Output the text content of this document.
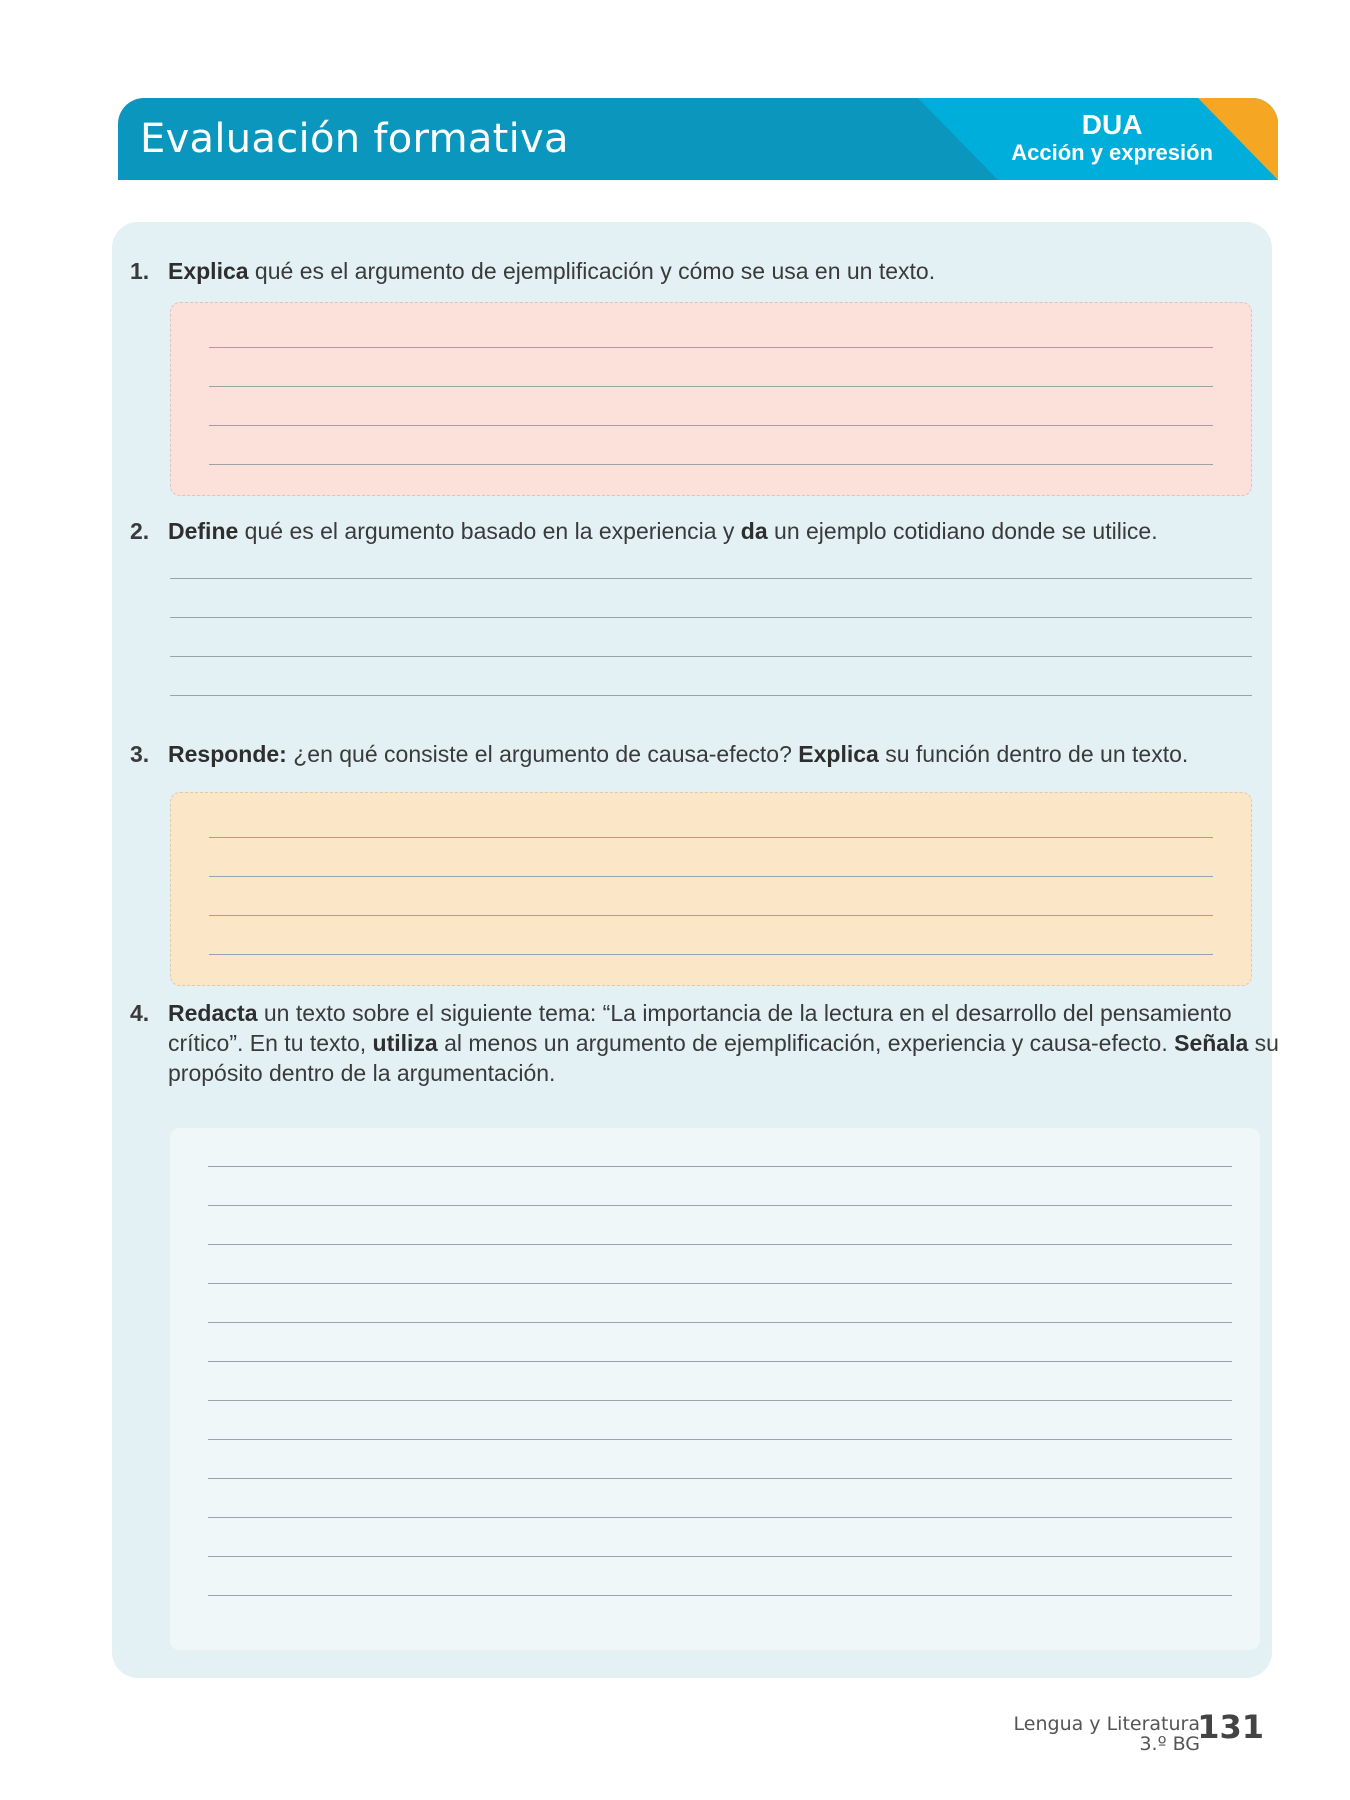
Evaluación formativa	DUA
Acción y expresión
1. Explica qué es el argumento de ejemplificación y cómo se usa en un texto.
2. Define qué es el argumento basado en la experiencia y da un ejemplo cotidiano donde se utilice.
3. Responde: ¿en qué consiste el argumento de causa-efecto? Explica su función dentro de un texto.
4. Redacta un texto sobre el siguiente tema: “La importancia de la lectura en el desarrollo del pensamiento crítico”. En tu texto, utiliza al menos un argumento de ejemplificación, experiencia y causa-efecto. Señala su propósito dentro de la argumentación.
Lengua y Literatura
3.º BG
131
